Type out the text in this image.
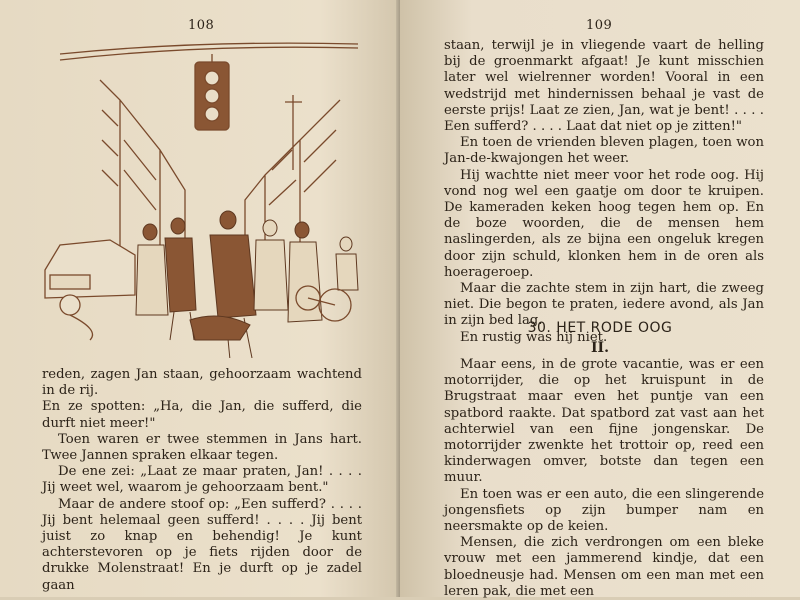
108

reden, zagen Jan staan, gehoorzaam wachtend in de rij.

En ze spotten: „Ha, die Jan, die sufferd, die durft niet meer!"

Toen waren er twee stemmen in Jans hart. Twee Jannen spraken elkaar tegen.

De ene zei: „Laat ze maar praten, Jan! . . . . Jij weet wel, waarom je gehoorzaam bent."

Maar de andere stoof op: „Een sufferd? . . . . Jij bent helemaal geen sufferd! . . . . Jij bent juist zo knap en behendig! Je kunt achterstevoren op je fiets rijden door de drukke Molenstraat! En je durft op je zadel gaan

109

staan, terwijl je in vliegende vaart de helling bij de groenmarkt afgaat! Je kunt misschien later wel wielrenner worden! Vooral in een wedstrijd met hindernissen behaal je vast de eerste prijs! Laat ze zien, Jan, wat je bent! . . . . Een sufferd? . . . . Laat dat niet op je zitten!"

En toen de vrienden bleven plagen, toen won Jan-de-kwajongen het weer.

Hij wachtte niet meer voor het rode oog. Hij vond nog wel een gaatje om door te kruipen. De kameraden keken hoog tegen hem op. En de boze woorden, die de mensen hem naslingerden, als ze bijna een ongeluk kregen door zijn schuld, klonken hem in de oren als hoerageroep.

Maar die zachte stem in zijn hart, die zweeg niet. Die begon te praten, iedere avond, als Jan in zijn bed lag.

En rustig was hij niet.

30. HET RODE OOG
II.

Maar eens, in de grote vacantie, was er een motorrijder, die op het kruispunt in de Brugstraat maar even het puntje van een spatbord raakte. Dat spatbord zat vast aan het achterwiel van een fijne jongenskar. De motorrijder zwenkte het trottoir op, reed een kinderwagen omver, botste dan tegen een muur.

En toen was er een auto, die een slingerende jongensfiets op zijn bumper nam en neersmakte op de keien.

Mensen, die zich verdrongen om een bleke vrouw met een jammerend kindje, dat een bloedneusje had. Mensen om een man met een leren pak, die met een
